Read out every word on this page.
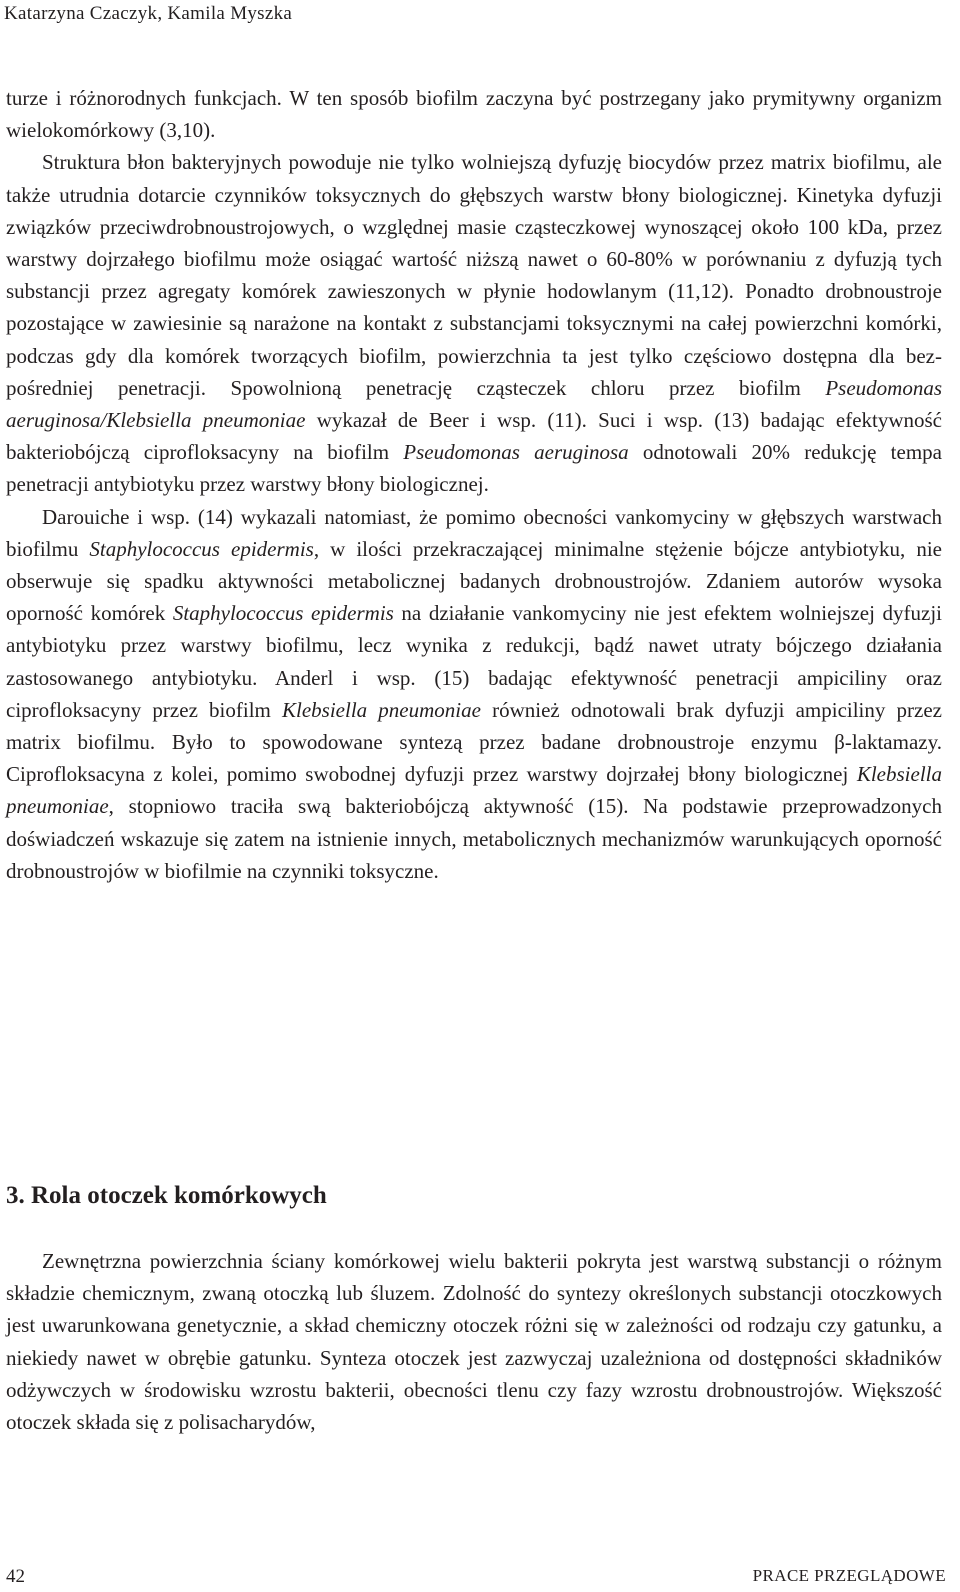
Katarzyna Czaczyk, Kamila Myszka

turze i różnorodnych funkcjach. W ten sposób biofilm zaczyna być postrzegany jako prymitywny organizm wielokomórkowy (3,10).

Struktura błon bakteryjnych powoduje nie tylko wolniejszą dyfuzję biocydów przez matrix biofilmu, ale także utrudnia dotarcie czynników toksycznych do głębszych warstw błony biologicznej. Kinetyka dyfuzji związków przeciwdrobnoustrojowych, o względnej masie cząsteczkowej wynoszącej około 100 kDa, przez warstwy dojrzałego biofilmu może osiągać wartość niższą nawet o 60-80% w porównaniu z dyfuzją tych substancji przez agregaty komórek zawieszonych w płynie hodowlanym (11,12). Ponadto drobnoustroje pozostające w zawiesinie są narażone na kontakt z substancjami toksycznymi na całej powierzchni komórki, podczas gdy dla komórek tworzących biofilm, powierzchnia ta jest tylko częściowo dostępna dla bezpośredniej penetracji. Spowolnioną penetrację cząsteczek chloru przez biofilm Pseudomonas aeruginosa/Klebsiella pneumoniae wykazał de Beer i wsp. (11). Suci i wsp. (13) badając efektywność bakteriobójczą ciprofloksacyny na biofilm Pseudomonas aeruginosa odnotowali 20% redukcję tempa penetracji antybiotyku przez warstwy błony biologicznej.

Darouiche i wsp. (14) wykazali natomiast, że pomimo obecności vankomyciny w głębszych warstwach biofilmu Staphylococcus epidermis, w ilości przekraczającej minimalne stężenie bójcze antybiotyku, nie obserwuje się spadku aktywności metabolicznej badanych drobnoustrojów. Zdaniem autorów wysoka oporność komórek Staphylococcus epidermis na działanie vankomyciny nie jest efektem wolniejszej dyfuzji antybiotyku przez warstwy biofilmu, lecz wynika z redukcji, bądź nawet utraty bójczego działania zastosowanego antybiotyku. Anderl i wsp. (15) badając efektywność penetracji ampiciliny oraz ciprofloksacyny przez biofilm Klebsiella pneumoniae również odnotowali brak dyfuzji ampiciliny przez matrix biofilmu. Było to spowodowane syntezą przez badane drobnoustroje enzymu β-laktamazy. Ciprofloksacyna z kolei, pomimo swobodnej dyfuzji przez warstwy dojrzałej błony biologicznej Klebsiella pneumoniae, stopniowo traciła swą bakteriobójczą aktywność (15). Na podstawie przeprowadzonych doświadczeń wskazuje się zatem na istnienie innych, metabolicznych mechanizmów warunkujących oporność drobnoustrojów w biofilmie na czynniki toksyczne.

3. Rola otoczek komórkowych

Zewnętrzna powierzchnia ściany komórkowej wielu bakterii pokryta jest warstwą substancji o różnym składzie chemicznym, zwaną otoczką lub śluzem. Zdolność do syntezy określonych substancji otoczkowych jest uwarunkowana genetycznie, a skład chemiczny otoczek różni się w zależności od rodzaju czy gatunku, a niekiedy nawet w obrębie gatunku. Synteza otoczek jest zazwyczaj uzależniona od dostępności składników odżywczych w środowisku wzrostu bakterii, obecności tlenu czy fazy wzrostu drobnoustrojów. Większość otoczek składa się z polisacharydów,

42	PRACE PRZEGLĄDOWE
